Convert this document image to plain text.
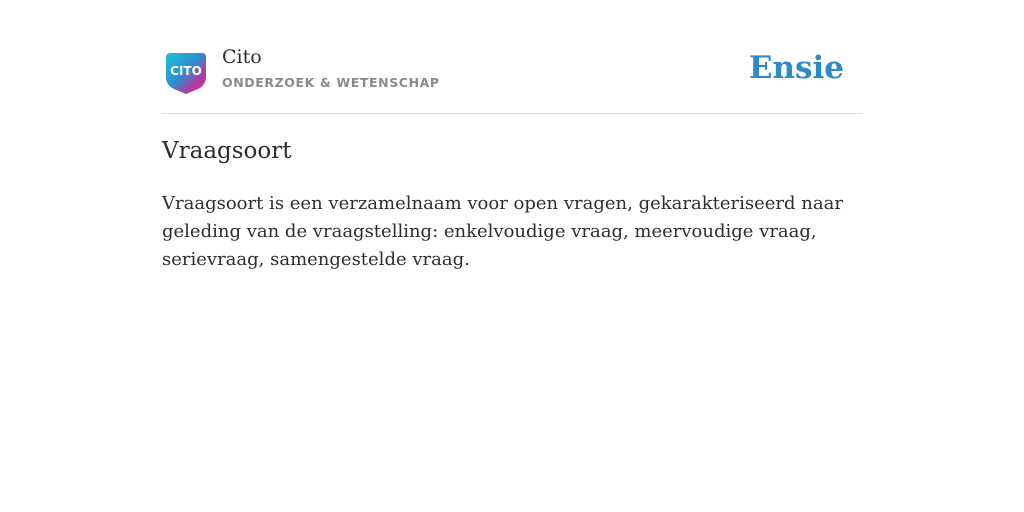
CITO
Cito
ONDERZOEK & WETENSCHAP	Ensie
Vraagsoort

Vraagsoort is een verzamelnaam voor open vragen, gekarakteriseerd naar geleding van de vraagstelling: enkelvoudige vraag, meervoudige vraag, serievraag, samengestelde vraag.
